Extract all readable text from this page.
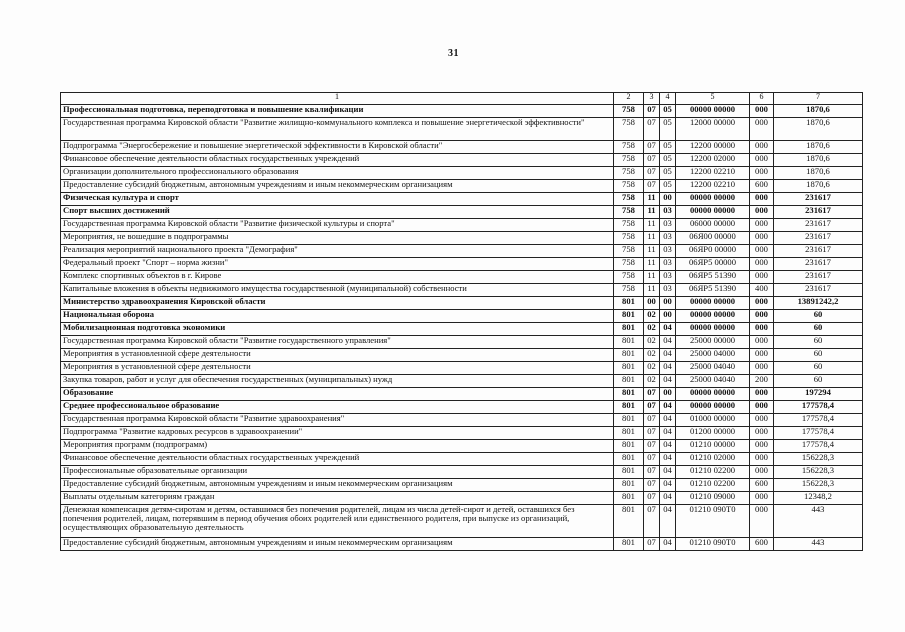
31
1	2	3	4	5	6	7
Профессиональная подготовка, переподготовка и повышение квалификации	758	07	05	00000 00000	000	1870,6
Государственная программа Кировской области "Развитие жилищно-коммунального комплекса и повышение энергетической эффективности"	758	07	05	12000 00000	000	1870,6
Подпрограмма "Энергосбережение и повышение энергетической эффективности в Кировской области"	758	07	05	12200 00000	000	1870,6
Финансовое обеспечение деятельности областных государственных учреждений	758	07	05	12200 02000	000	1870,6
Организации дополнительного профессионального образования	758	07	05	12200 02210	000	1870,6
Предоставление субсидий бюджетным, автономным учреждениям и иным некоммерческим организациям	758	07	05	12200 02210	600	1870,6
Физическая культура и спорт	758	11	00	00000 00000	000	231617
Спорт высших достижений	758	11	03	00000 00000	000	231617
Государственная программа Кировской области "Развитие физической культуры и спорта"	758	11	03	06000 00000	000	231617
Мероприятия, не вошедшие в подпрограммы	758	11	03	06Я00 00000	000	231617
Реализация мероприятий национального проекта "Демография"	758	11	03	06ЯР0 00000	000	231617
Федеральный проект "Спорт – норма жизни"	758	11	03	06ЯР5 00000	000	231617
Комплекс спортивных объектов в г. Кирове	758	11	03	06ЯР5 51390	000	231617
Капитальные вложения в объекты недвижимого имущества государственной (муниципальной) собственности	758	11	03	06ЯР5 51390	400	231617
Министерство здравоохранения Кировской области	801	00	00	00000 00000	000	13891242,2
Национальная оборона	801	02	00	00000 00000	000	60
Мобилизационная подготовка экономики	801	02	04	00000 00000	000	60
Государственная программа Кировской области "Развитие государственного управления"	801	02	04	25000 00000	000	60
Мероприятия в установленной сфере деятельности	801	02	04	25000 04000	000	60
Мероприятия в установленной сфере деятельности	801	02	04	25000 04040	000	60
Закупка товаров, работ и услуг для обеспечения государственных (муниципальных) нужд	801	02	04	25000 04040	200	60
Образование	801	07	00	00000 00000	000	197294
Среднее профессиональное образование	801	07	04	00000 00000	000	177578,4
Государственная программа Кировской области "Развитие здравоохранения"	801	07	04	01000 00000	000	177578,4
Подпрограмма "Развитие кадровых ресурсов в здравоохранении"	801	07	04	01200 00000	000	177578,4
Мероприятия программ (подпрограмм)	801	07	04	01210 00000	000	177578,4
Финансовое обеспечение деятельности областных государственных учреждений	801	07	04	01210 02000	000	156228,3
Профессиональные образовательные организации	801	07	04	01210 02200	000	156228,3
Предоставление субсидий бюджетным, автономным учреждениям и иным некоммерческим организациям	801	07	04	01210 02200	600	156228,3
Выплаты отдельным категориям граждан	801	07	04	01210 09000	000	12348,2
Денежная компенсация детям-сиротам и детям, оставшимся без попечения родителей, лицам из числа детей-сирот и детей, оставшихся без попечения родителей, лицам, потерявшим в период обучения обоих родителей или единственного родителя, при выпуске из организаций, осуществляющих образовательную деятельность	801	07	04	01210 090Т0	000	443
Предоставление субсидий бюджетным, автономным учреждениям и иным некоммерческим организациям	801	07	04	01210 090Т0	600	443
